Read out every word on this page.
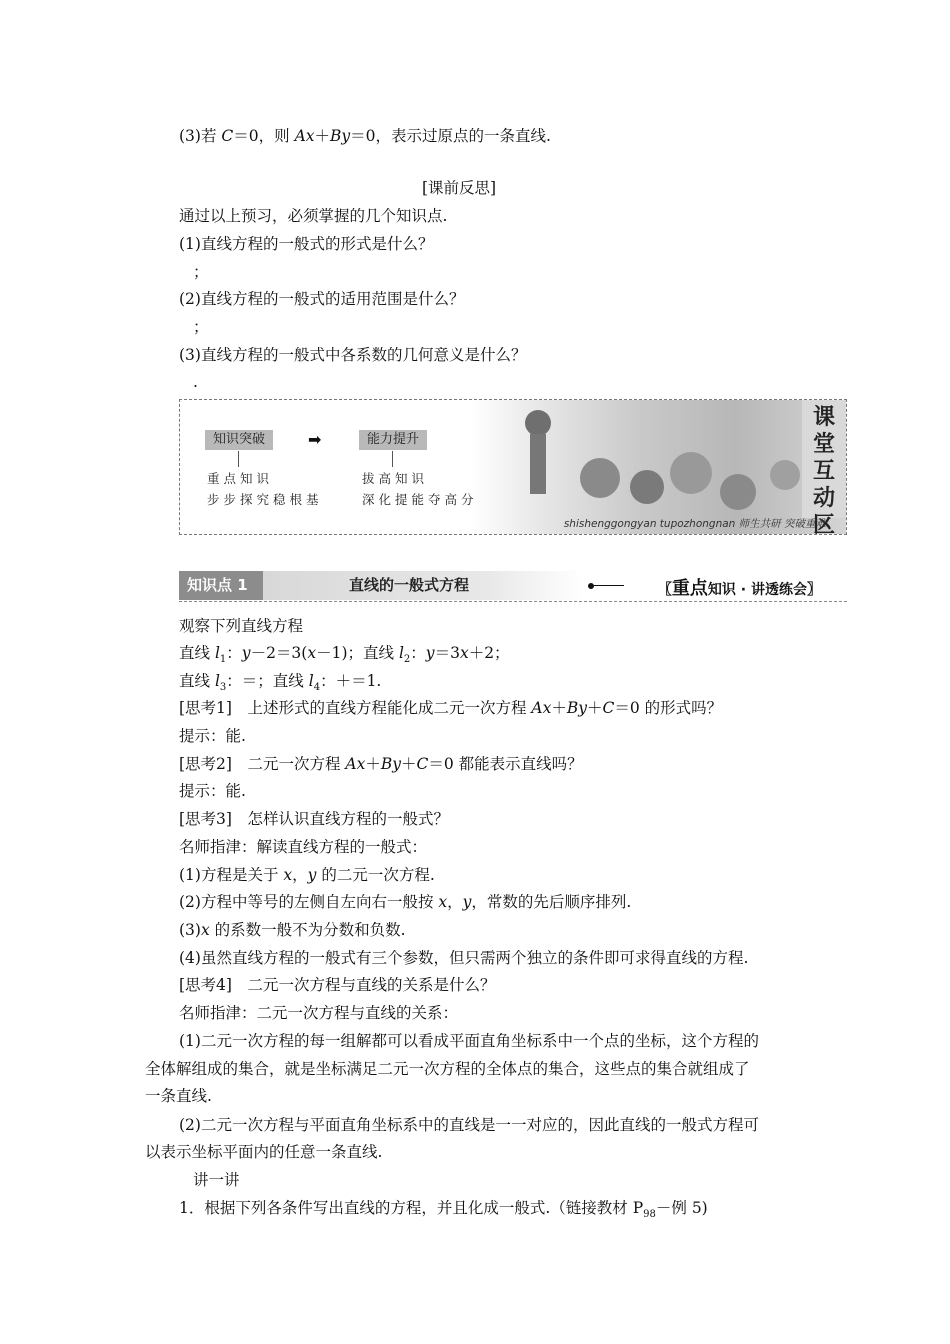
(3)若 C＝0，则 Ax＋By＝0，表示过原点的一条直线.
[课前反思]
通过以上预习，必须掌握的几个知识点.
(1)直线方程的一般式的形式是什么？
；
(2)直线方程的一般式的适用范围是什么？
；
(3)直线方程的一般式中各系数的几何意义是什么？
.
知识突破	➡	能力提升
重点知识
步步探究稳根基
拔高知识
深化提能夺高分
课
堂
互
动
区
shishenggongyan tupozhongnan 师生共研 突破重难
知识点 1	直线的一般式方程	〖重点知识 · 讲透练会〗
观察下列直线方程
直线 $l_1$：y－2＝3(x－1)；直线 $l_2$：y＝3x＋2；
直线 $l_3$：＝；直线 $l_4$：＋＝1.
[思考1]　上述形式的直线方程能化成二元一次方程 Ax＋By＋C＝0 的形式吗？
提示：能.
[思考2]　二元一次方程 Ax＋By＋C＝0 都能表示直线吗？
提示：能.
[思考3]　怎样认识直线方程的一般式？
名师指津：解读直线方程的一般式：
(1)方程是关于 x，y 的二元一次方程.
(2)方程中等号的左侧自左向右一般按 x，y，常数的先后顺序排列.
(3)x 的系数一般不为分数和负数.
(4)虽然直线方程的一般式有三个参数，但只需两个独立的条件即可求得直线的方程.
[思考4]　二元一次方程与直线的关系是什么？
名师指津：二元一次方程与直线的关系：
(1)二元一次方程的每一组解都可以看成平面直角坐标系中一个点的坐标，这个方程的
全体解组成的集合，就是坐标满足二元一次方程的全体点的集合，这些点的集合就组成了
一条直线.
(2)二元一次方程与平面直角坐标系中的直线是一一对应的，因此直线的一般式方程可
以表示坐标平面内的任意一条直线.
讲一讲
1．根据下列各条件写出直线的方程，并且化成一般式.（链接教材 $P_{98}-$例 5)
